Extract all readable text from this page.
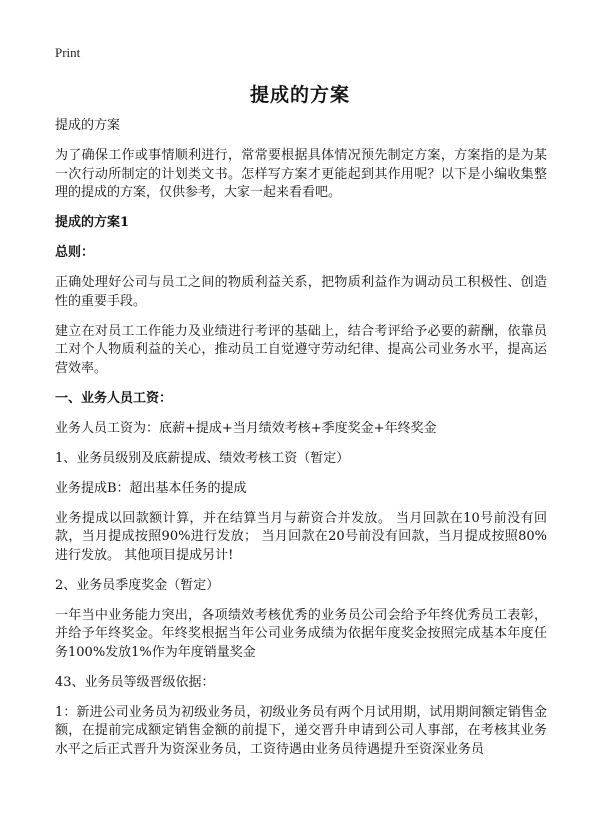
Print
提成的方案

提成的方案

为了确保工作或事情顺利进行，常常要根据具体情况预先制定方案，方案指的是为某一次行动所制定的计划类文书。怎样写方案才更能起到其作用呢？以下是小编收集整理的提成的方案，仅供参考，大家一起来看看吧。

提成的方案1

总则：

正确处理好公司与员工之间的物质利益关系，把物质利益作为调动员工积极性、创造性的重要手段。

建立在对员工工作能力及业绩进行考评的基础上，结合考评给予必要的薪酬，依靠员工对个人物质利益的关心，推动员工自觉遵守劳动纪律、提高公司业务水平，提高运营效率。

一、业务人员工资：

业务人员工资为：底薪+提成+当月绩效考核+季度奖金+年终奖金

1、业务员级别及底薪提成、绩效考核工资（暂定）

业务提成B：超出基本任务的提成

业务提成以回款额计算，并在结算当月与薪资合并发放。 当月回款在10号前没有回款，当月提成按照90%进行发放； 当月回款在20号前没有回款，当月提成按照80%进行发放。 其他项目提成另计!

2、业务员季度奖金（暂定）

一年当中业务能力突出，各项绩效考核优秀的业务员公司会给予年终优秀员工表彰，并给予年终奖金。年终奖根据当年公司业务成绩为依据年度奖金按照完成基本年度任务100%发放1%作为年度销量奖金

43、业务员等级晋级依据：

1：新进公司业务员为初级业务员，初级业务员有两个月试用期，试用期间额定销售金额，在提前完成额定销售金额的前提下，递交晋升申请到公司人事部，在考核其业务水平之后正式晋升为资深业务员，工资待遇由业务员待遇提升至资深业务员
